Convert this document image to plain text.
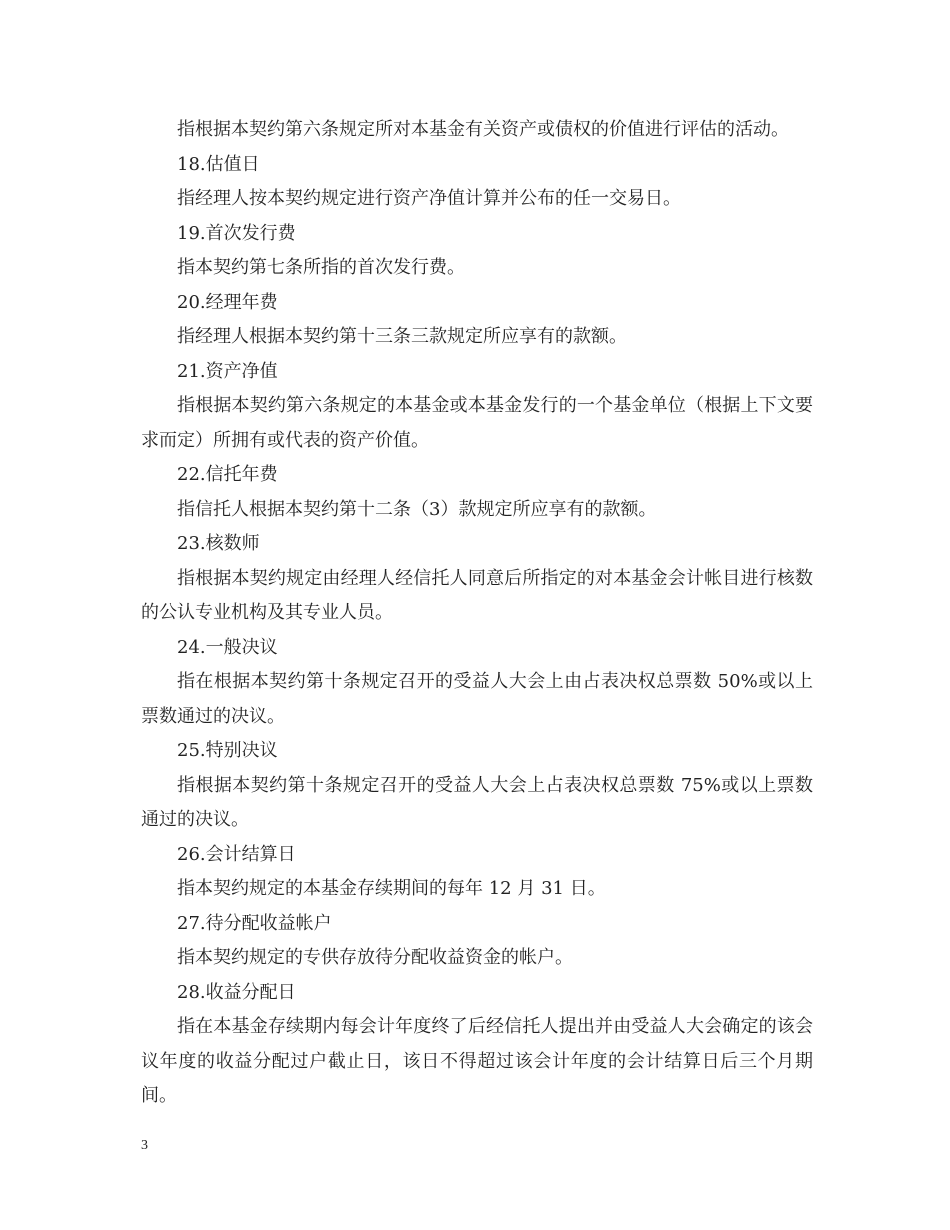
指根据本契约第六条规定所对本基金有关资产或债权的价值进行评估的活动。

18.估值日

指经理人按本契约规定进行资产净值计算并公布的任一交易日。

19.首次发行费

指本契约第七条所指的首次发行费。

20.经理年费

指经理人根据本契约第十三条三款规定所应享有的款额。

21.资产净值

指根据本契约第六条规定的本基金或本基金发行的一个基金单位（根据上下文要求而定）所拥有或代表的资产价值。

22.信托年费

指信托人根据本契约第十二条（3）款规定所应享有的款额。

23.核数师

指根据本契约规定由经理人经信托人同意后所指定的对本基金会计帐目进行核数的公认专业机构及其专业人员。

24.一般决议

指在根据本契约第十条规定召开的受益人大会上由占表决权总票数 50%或以上票数通过的决议。

25.特别决议

指根据本契约第十条规定召开的受益人大会上占表决权总票数 75%或以上票数通过的决议。

26.会计结算日

指本契约规定的本基金存续期间的每年 12 月 31 日。

27.待分配收益帐户

指本契约规定的专供存放待分配收益资金的帐户。

28.收益分配日

指在本基金存续期内每会计年度终了后经信托人提出并由受益人大会确定的该会议年度的收益分配过户截止日，该日不得超过该会计年度的会计结算日后三个月期间。

3
